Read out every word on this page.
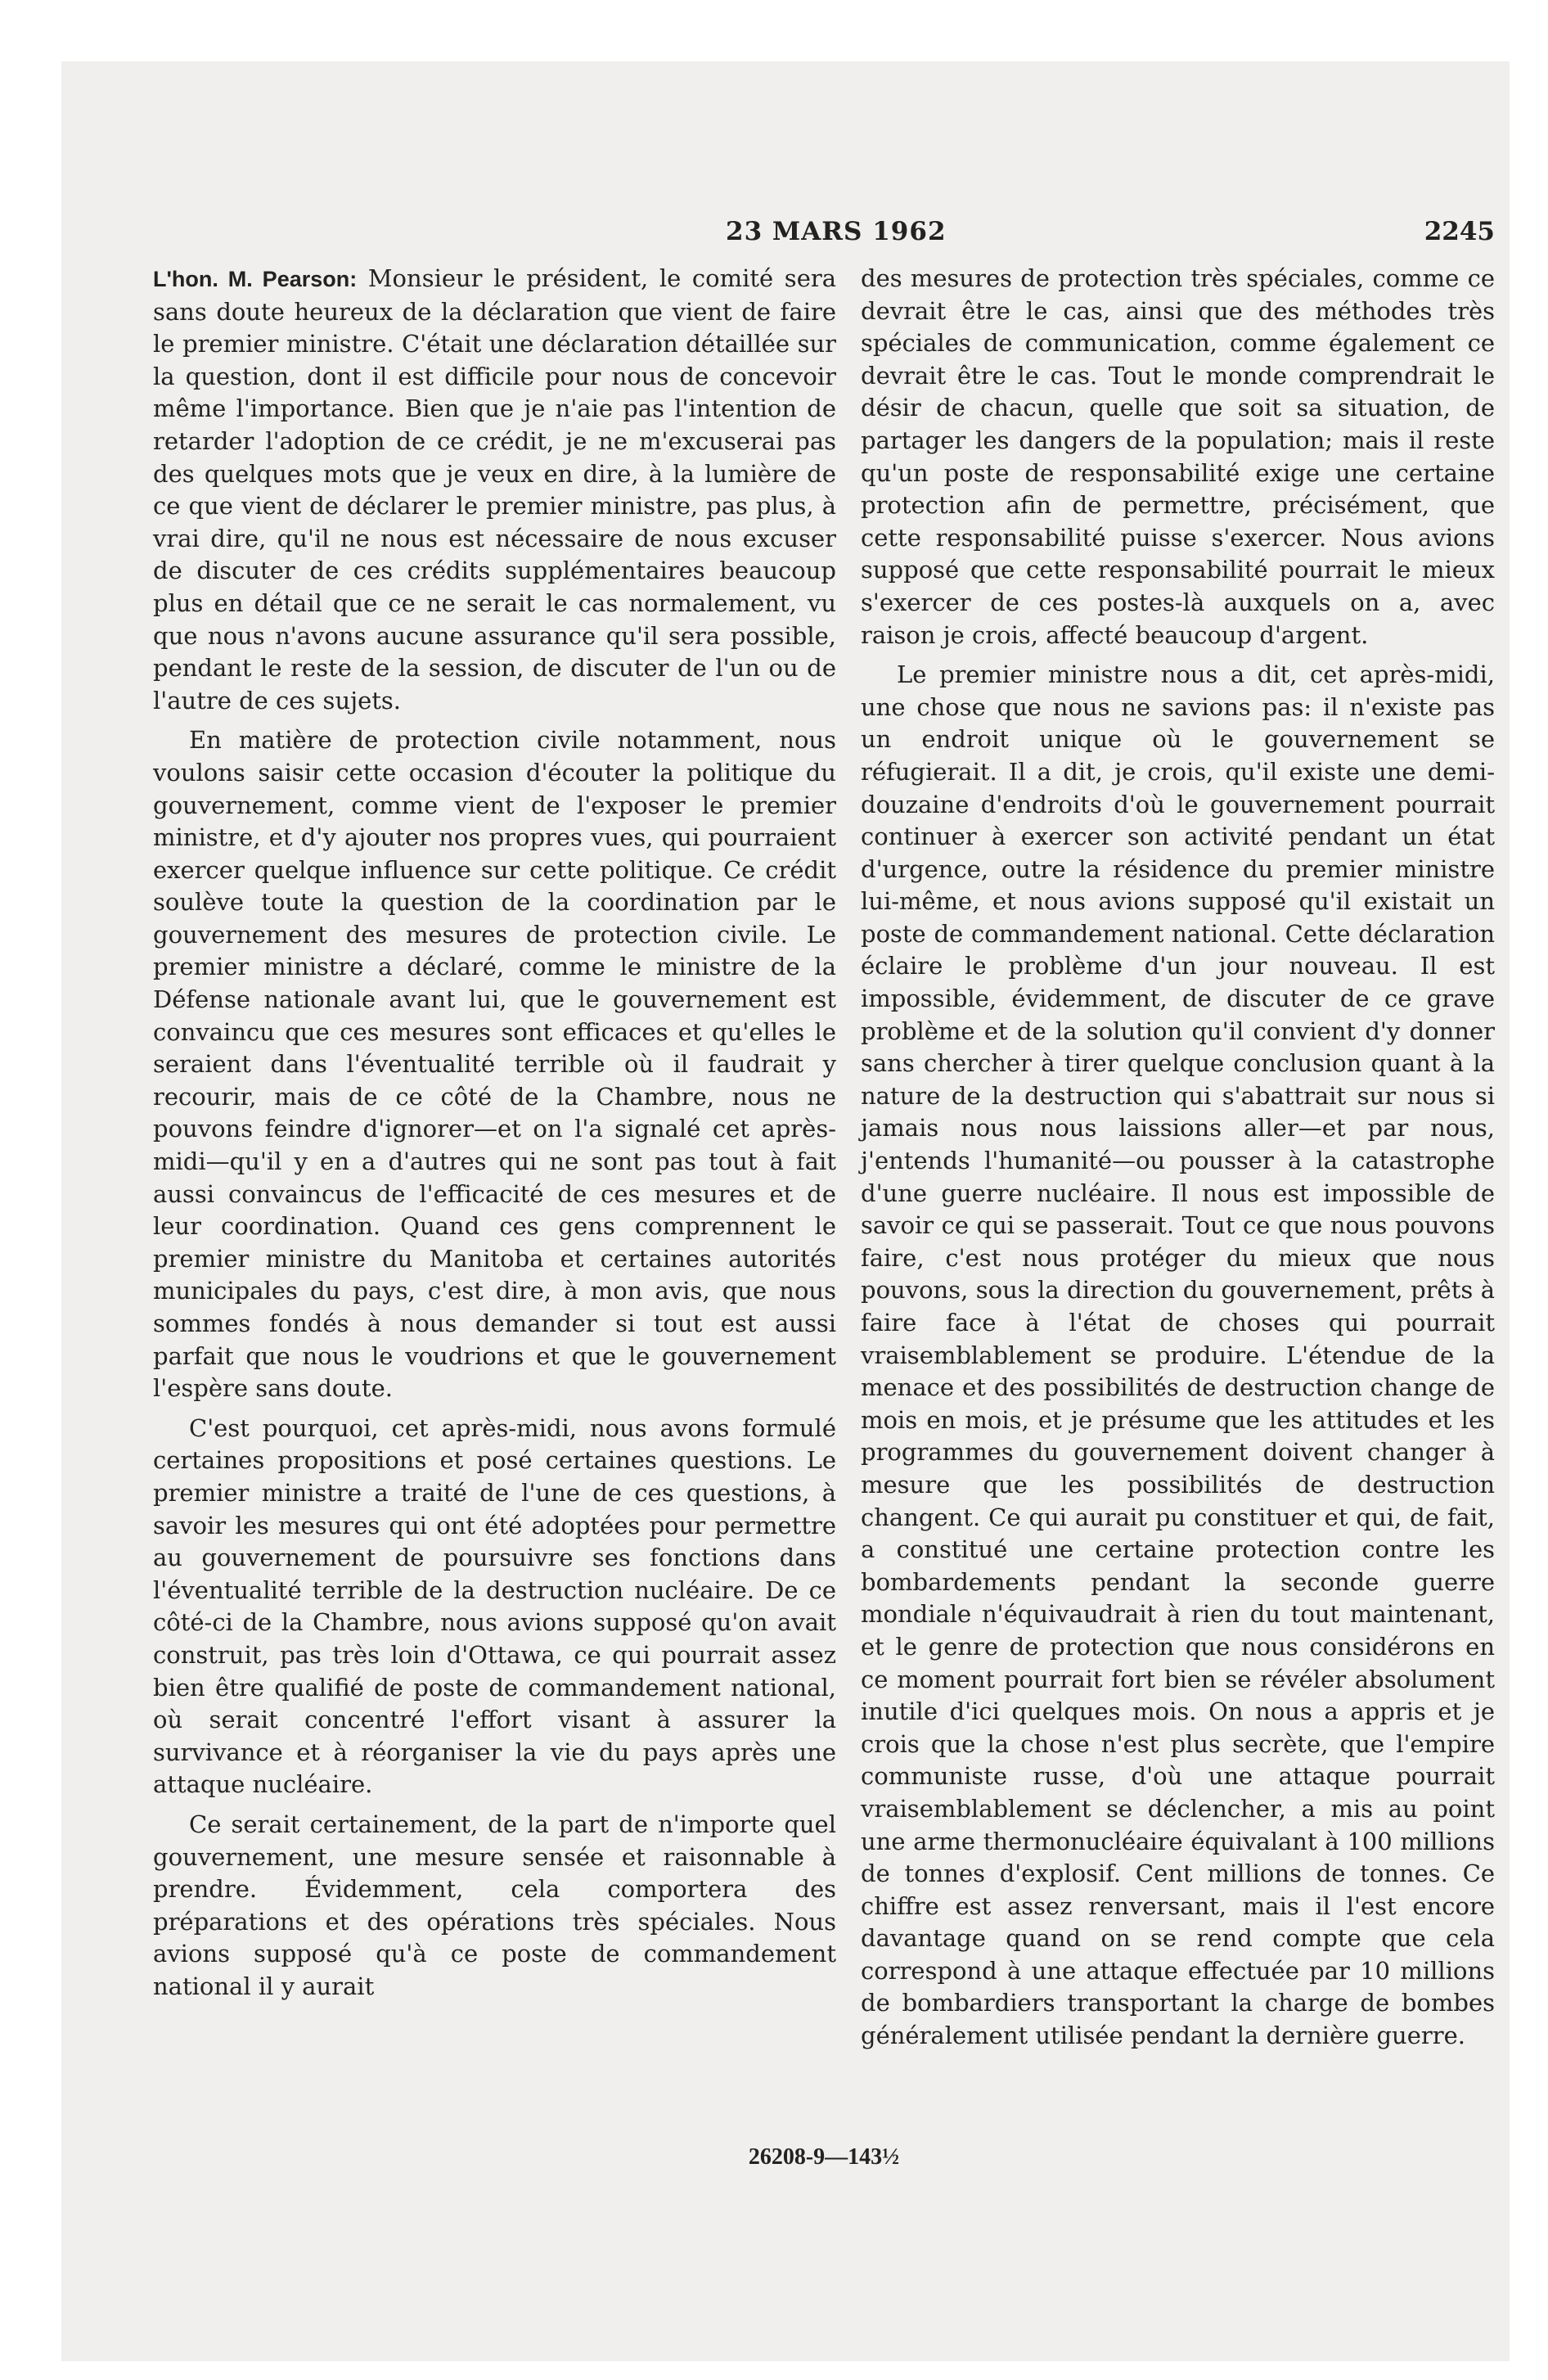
23 MARS 1962	2245

L'hon. M. Pearson: Monsieur le président, le comité sera sans doute heureux de la déclaration que vient de faire le premier ministre. C'était une déclaration détaillée sur la question, dont il est difficile pour nous de concevoir même l'importance. Bien que je n'aie pas l'intention de retarder l'adoption de ce crédit, je ne m'excuserai pas des quelques mots que je veux en dire, à la lumière de ce que vient de déclarer le premier ministre, pas plus, à vrai dire, qu'il ne nous est nécessaire de nous excuser de discuter de ces crédits supplémentaires beaucoup plus en détail que ce ne serait le cas normalement, vu que nous n'avons aucune assurance qu'il sera possible, pendant le reste de la session, de discuter de l'un ou de l'autre de ces sujets.

En matière de protection civile notamment, nous voulons saisir cette occasion d'écouter la politique du gouvernement, comme vient de l'exposer le premier ministre, et d'y ajouter nos propres vues, qui pourraient exercer quelque influence sur cette politique. Ce crédit soulève toute la question de la coordination par le gouvernement des mesures de protection civile. Le premier ministre a déclaré, comme le ministre de la Défense nationale avant lui, que le gouvernement est convaincu que ces mesures sont efficaces et qu'elles le seraient dans l'éventualité terrible où il faudrait y recourir, mais de ce côté de la Chambre, nous ne pouvons feindre d'ignorer—et on l'a signalé cet après-midi—qu'il y en a d'autres qui ne sont pas tout à fait aussi convaincus de l'efficacité de ces mesures et de leur coordination. Quand ces gens comprennent le premier ministre du Manitoba et certaines autorités municipales du pays, c'est dire, à mon avis, que nous sommes fondés à nous demander si tout est aussi parfait que nous le voudrions et que le gouvernement l'espère sans doute.

C'est pourquoi, cet après-midi, nous avons formulé certaines propositions et posé certaines questions. Le premier ministre a traité de l'une de ces questions, à savoir les mesures qui ont été adoptées pour permettre au gouvernement de poursuivre ses fonctions dans l'éventualité terrible de la destruction nucléaire. De ce côté-ci de la Chambre, nous avions supposé qu'on avait construit, pas très loin d'Ottawa, ce qui pourrait assez bien être qualifié de poste de commandement national, où serait concentré l'effort visant à assurer la survivance et à réorganiser la vie du pays après une attaque nucléaire.

Ce serait certainement, de la part de n'importe quel gouvernement, une mesure sensée et raisonnable à prendre. Évidemment, cela comportera des préparations et des opérations très spéciales. Nous avions supposé qu'à ce poste de commandement national il y aurait

des mesures de protection très spéciales, comme ce devrait être le cas, ainsi que des méthodes très spéciales de communication, comme également ce devrait être le cas. Tout le monde comprendrait le désir de chacun, quelle que soit sa situation, de partager les dangers de la population; mais il reste qu'un poste de responsabilité exige une certaine protection afin de permettre, précisément, que cette responsabilité puisse s'exercer. Nous avions supposé que cette responsabilité pourrait le mieux s'exercer de ces postes-là auxquels on a, avec raison je crois, affecté beaucoup d'argent.

Le premier ministre nous a dit, cet après-midi, une chose que nous ne savions pas: il n'existe pas un endroit unique où le gouvernement se réfugierait. Il a dit, je crois, qu'il existe une demi-douzaine d'endroits d'où le gouvernement pourrait continuer à exercer son activité pendant un état d'urgence, outre la résidence du premier ministre lui-même, et nous avions supposé qu'il existait un poste de commandement national. Cette déclaration éclaire le problème d'un jour nouveau. Il est impossible, évidemment, de discuter de ce grave problème et de la solution qu'il convient d'y donner sans chercher à tirer quelque conclusion quant à la nature de la destruction qui s'abattrait sur nous si jamais nous nous laissions aller—et par nous, j'entends l'humanité—ou pousser à la catastrophe d'une guerre nucléaire. Il nous est impossible de savoir ce qui se passerait. Tout ce que nous pouvons faire, c'est nous protéger du mieux que nous pouvons, sous la direction du gouvernement, prêts à faire face à l'état de choses qui pourrait vraisemblablement se produire. L'étendue de la menace et des possibilités de destruction change de mois en mois, et je présume que les attitudes et les programmes du gouvernement doivent changer à mesure que les possibilités de destruction changent. Ce qui aurait pu constituer et qui, de fait, a constitué une certaine protection contre les bombardements pendant la seconde guerre mondiale n'équivaudrait à rien du tout maintenant, et le genre de protection que nous considérons en ce moment pourrait fort bien se révéler absolument inutile d'ici quelques mois. On nous a appris et je crois que la chose n'est plus secrète, que l'empire communiste russe, d'où une attaque pourrait vraisemblablement se déclencher, a mis au point une arme thermonucléaire équivalant à 100 millions de tonnes d'explosif. Cent millions de tonnes. Ce chiffre est assez renversant, mais il l'est encore davantage quand on se rend compte que cela correspond à une attaque effectuée par 10 millions de bombardiers transportant la charge de bombes généralement utilisée pendant la dernière guerre.

26208-9—143½
